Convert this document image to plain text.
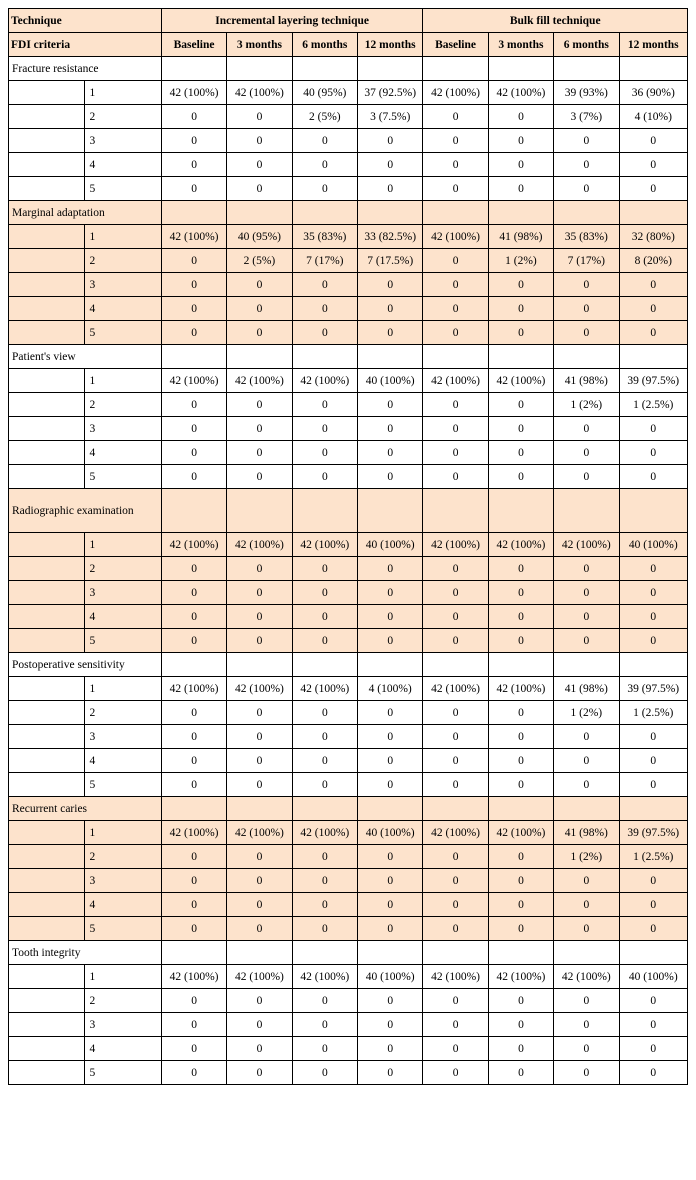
Technique		Incremental layering technique				Bulk fill technique			
FDI criteria		Baseline	3 months	6 months	12 months	Baseline	3 months	6 months	12 months
Fracture resistance									
	1	42 (100%)	42 (100%)	40 (95%)	37 (92.5%)	42 (100%)	42 (100%)	39 (93%)	36 (90%)
	2	0	0	2 (5%)	3 (7.5%)	0	0	3 (7%)	4 (10%)
	3	0	0	0	0	0	0	0	0
	4	0	0	0	0	0	0	0	0
	5	0	0	0	0	0	0	0	0
Marginal adaptation									
	1	42 (100%)	40 (95%)	35 (83%)	33 (82.5%)	42 (100%)	41 (98%)	35 (83%)	32 (80%)
	2	0	2 (5%)	7 (17%)	7 (17.5%)	0	1 (2%)	7 (17%)	8 (20%)
	3	0	0	0	0	0	0	0	0
	4	0	0	0	0	0	0	0	0
	5	0	0	0	0	0	0	0	0
Patient's view									
	1	42 (100%)	42 (100%)	42 (100%)	40 (100%)	42 (100%)	42 (100%)	41 (98%)	39 (97.5%)
	2	0	0	0	0	0	0	1 (2%)	1 (2.5%)
	3	0	0	0	0	0	0	0	0
	4	0	0	0	0	0	0	0	0
	5	0	0	0	0	0	0	0	0
Radiographic examination									
	1	42 (100%)	42 (100%)	42 (100%)	40 (100%)	42 (100%)	42 (100%)	42 (100%)	40 (100%)
	2	0	0	0	0	0	0	0	0
	3	0	0	0	0	0	0	0	0
	4	0	0	0	0	0	0	0	0
	5	0	0	0	0	0	0	0	0
Postoperative sensitivity									
	1	42 (100%)	42 (100%)	42 (100%)	4 (100%)	42 (100%)	42 (100%)	41 (98%)	39 (97.5%)
	2	0	0	0	0	0	0	1 (2%)	1 (2.5%)
	3	0	0	0	0	0	0	0	0
	4	0	0	0	0	0	0	0	0
	5	0	0	0	0	0	0	0	0
Recurrent caries									
	1	42 (100%)	42 (100%)	42 (100%)	40 (100%)	42 (100%)	42 (100%)	41 (98%)	39 (97.5%)
	2	0	0	0	0	0	0	1 (2%)	1 (2.5%)
	3	0	0	0	0	0	0	0	0
	4	0	0	0	0	0	0	0	0
	5	0	0	0	0	0	0	0	0
Tooth integrity									
	1	42 (100%)	42 (100%)	42 (100%)	40 (100%)	42 (100%)	42 (100%)	42 (100%)	40 (100%)
	2	0	0	0	0	0	0	0	0
	3	0	0	0	0	0	0	0	0
	4	0	0	0	0	0	0	0	0
	5	0	0	0	0	0	0	0	0
